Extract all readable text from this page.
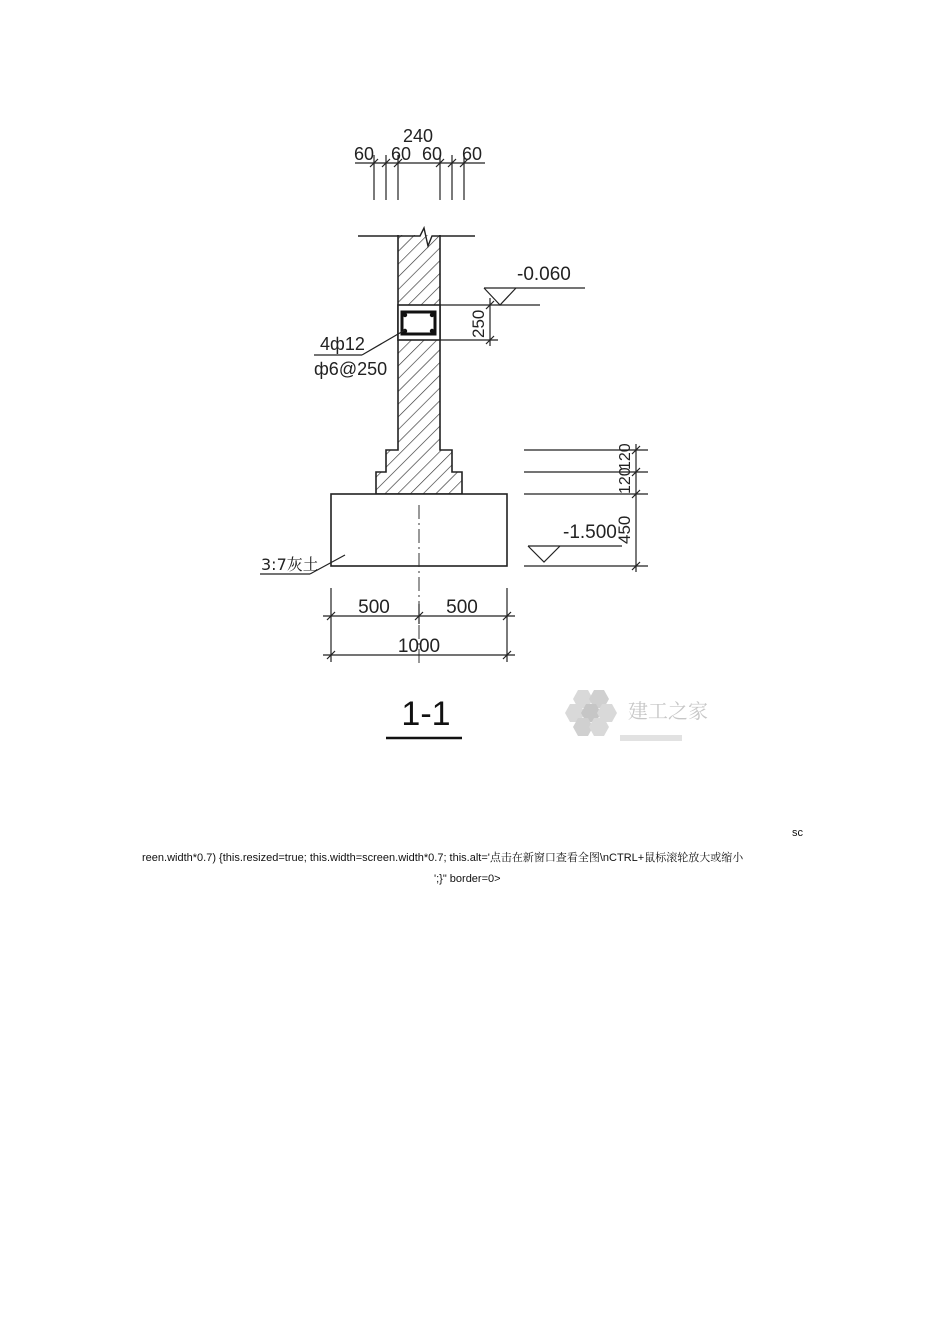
240
60 60 60 60
-0.060
250
4ф12
ф6@250
120
120
450
-1.500
3:7灰土
500	500
1000
1-1	建工之家
sc
reen.width*0.7) {this.resized=true; this.width=screen.width*0.7; this.alt='点击在新窗口查看全图\nCTRL+鼠标滚轮放大或缩小
';}" border=0>
